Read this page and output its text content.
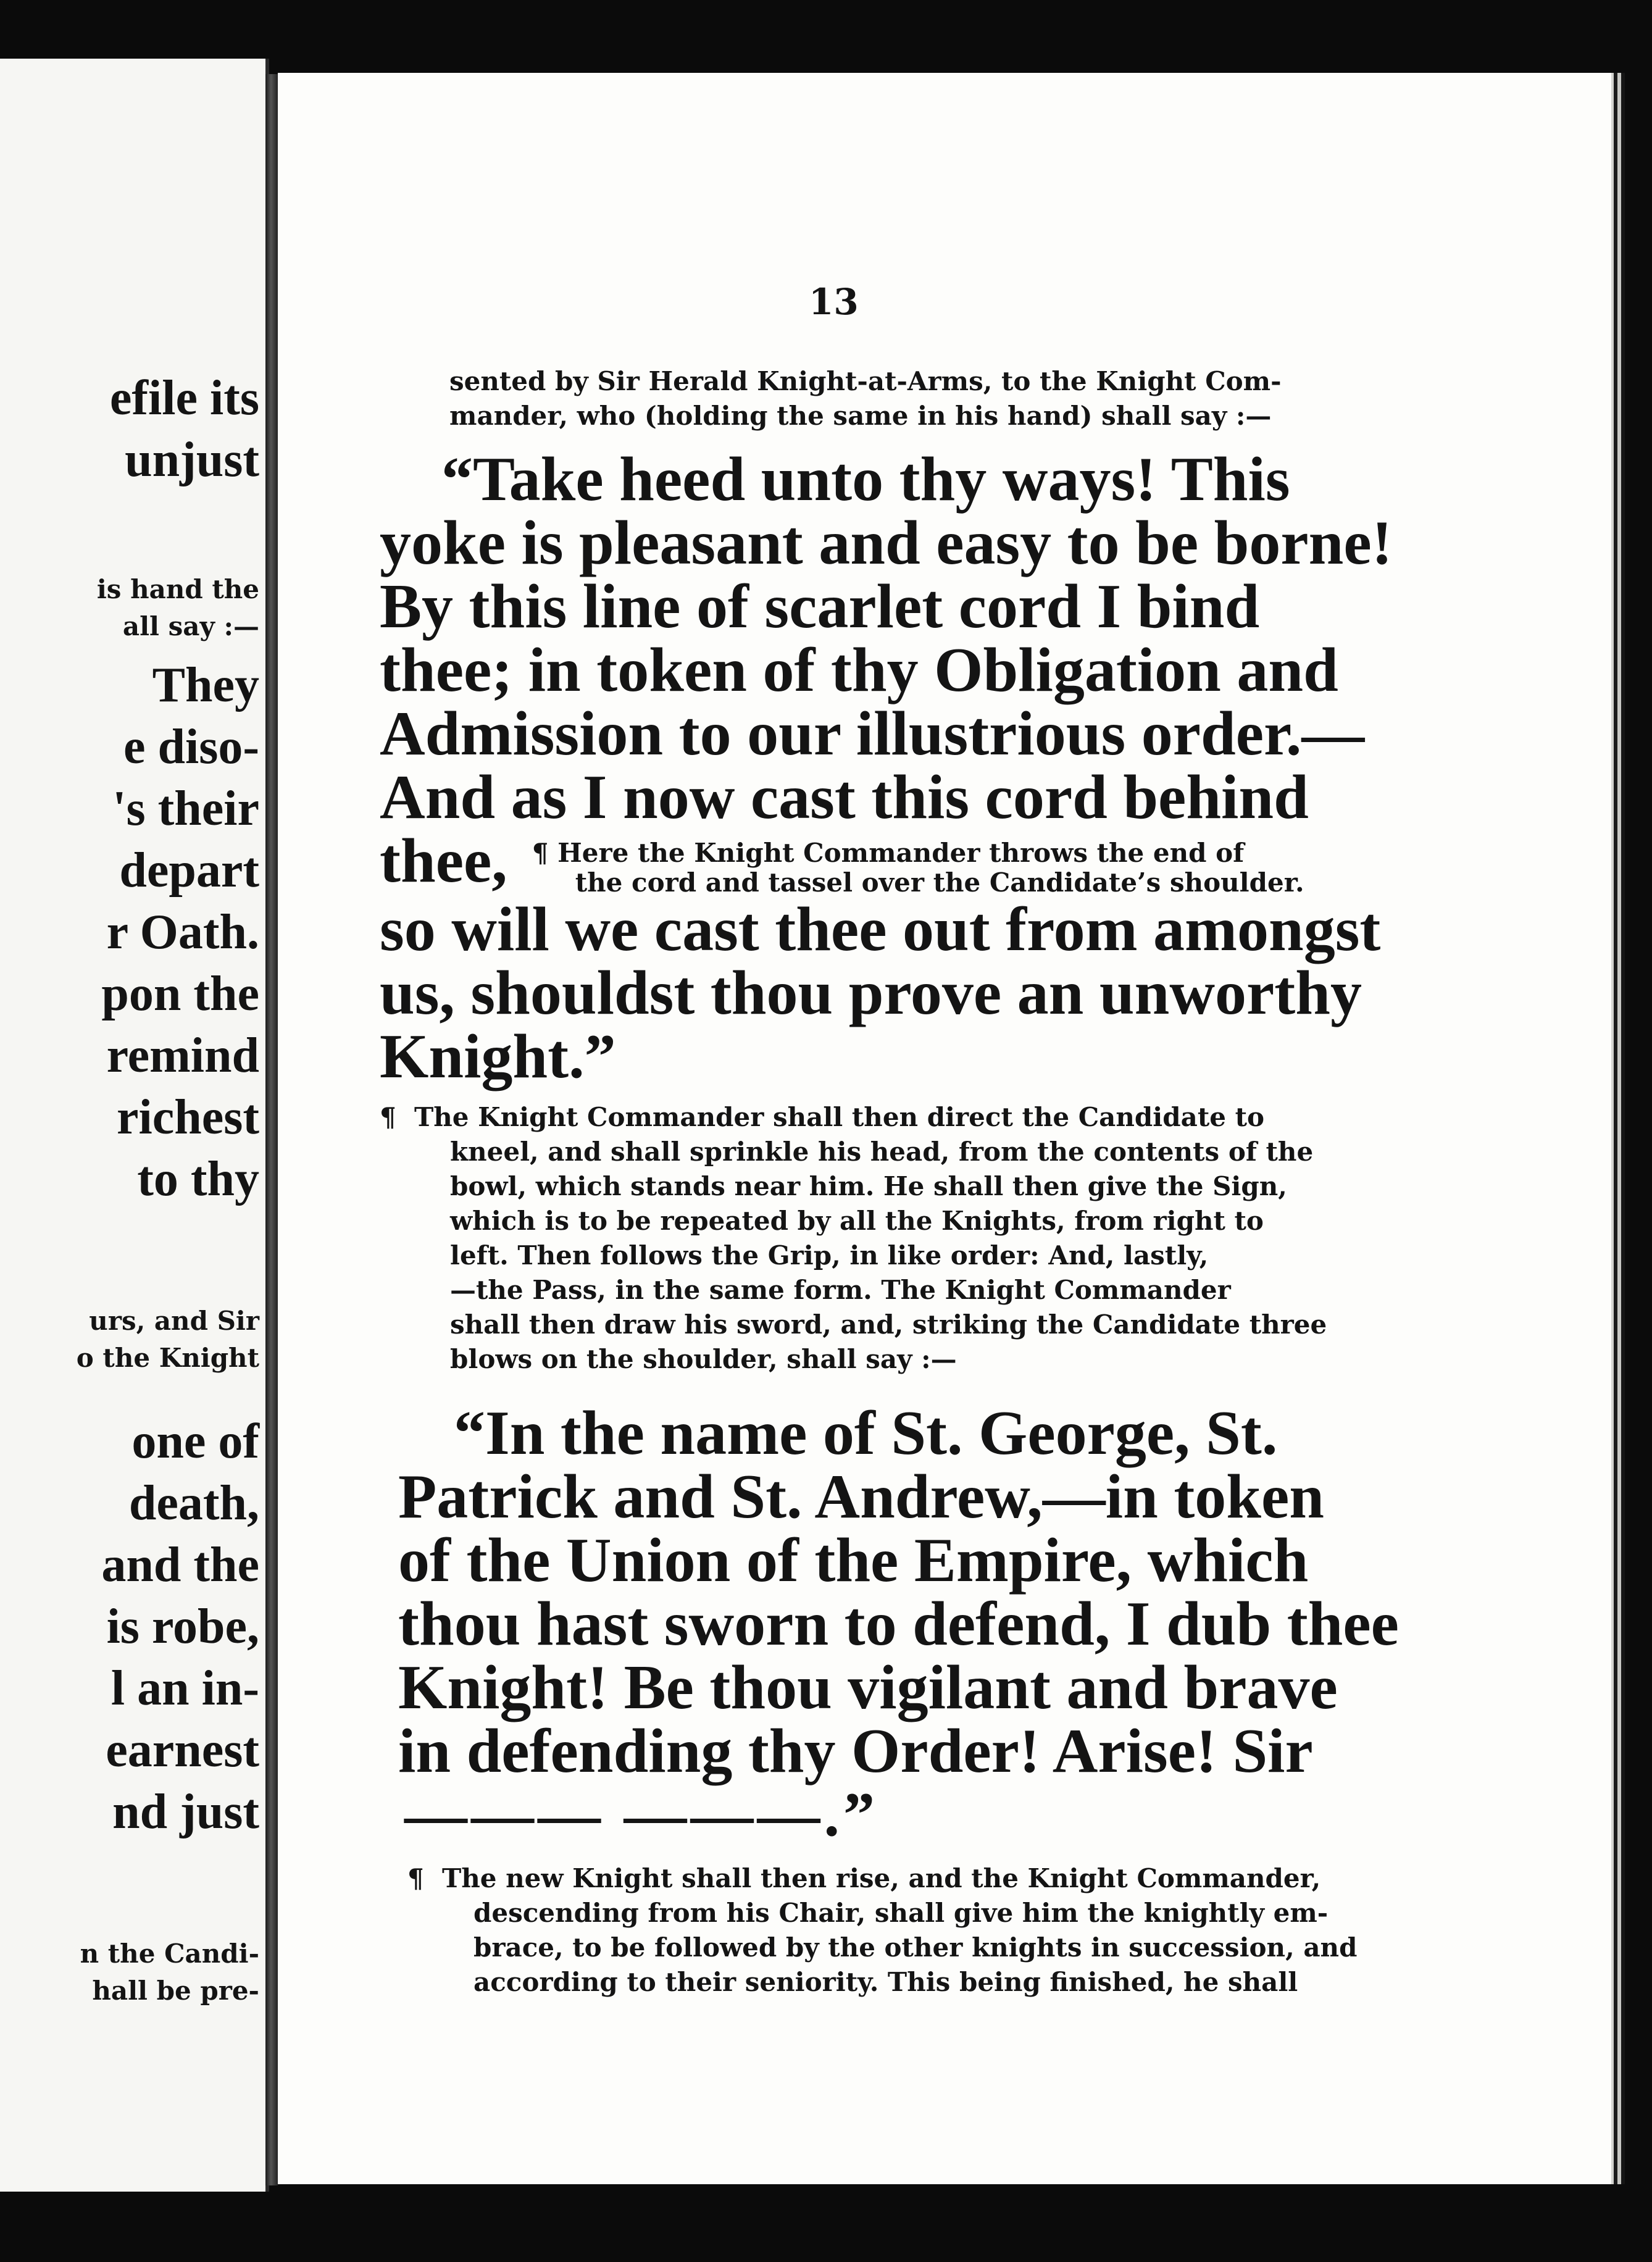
efile its
unjust
is hand the
all say :—
They
e diso-
's their
depart
r Oath.
pon the
remind
richest
to thy
urs, and Sir
o the Knight
one of
death,
and the
is robe,
l an in-
earnest
nd just
n the Candi-
hall be pre-
13
sented by Sir Herald Knight-at-Arms, to the Knight Com-
mander, who (holding the same in his hand) shall say :—
“Take heed unto thy ways! This
yoke is pleasant and easy to be borne!
By this line of scarlet cord I bind
thee; in token of thy Obligation and
Admission to our illustrious order.—
And as I now cast this cord behind
thee, ¶ Here the Knight Commander throws the end of
the cord and tassel over the Candidate’s shoulder.
so will we cast thee out from amongst
us, shouldst thou prove an unworthy
Knight.”
¶ The Knight Commander shall then direct the Candidate to
kneel, and shall sprinkle his head, from the contents of the
bowl, which stands near him. He shall then give the Sign,
which is to be repeated by all the Knights, from right to
left. Then follows the Grip, in like order: And, lastly,
—the Pass, in the same form. The Knight Commander
shall then draw his sword, and, striking the Candidate three
blows on the shoulder, shall say :—
“In the name of St. George, St.
Patrick and St. Andrew,—in token
of the Union of the Empire, which
thou hast sworn to defend, I dub thee
Knight! Be thou vigilant and brave
in defending thy Order! Arise! Sir
——— ———.”
¶ The new Knight shall then rise, and the Knight Commander,
descending from his Chair, shall give him the knightly em-
brace, to be followed by the other knights in succession, and
according to their seniority. This being finished, he shall
